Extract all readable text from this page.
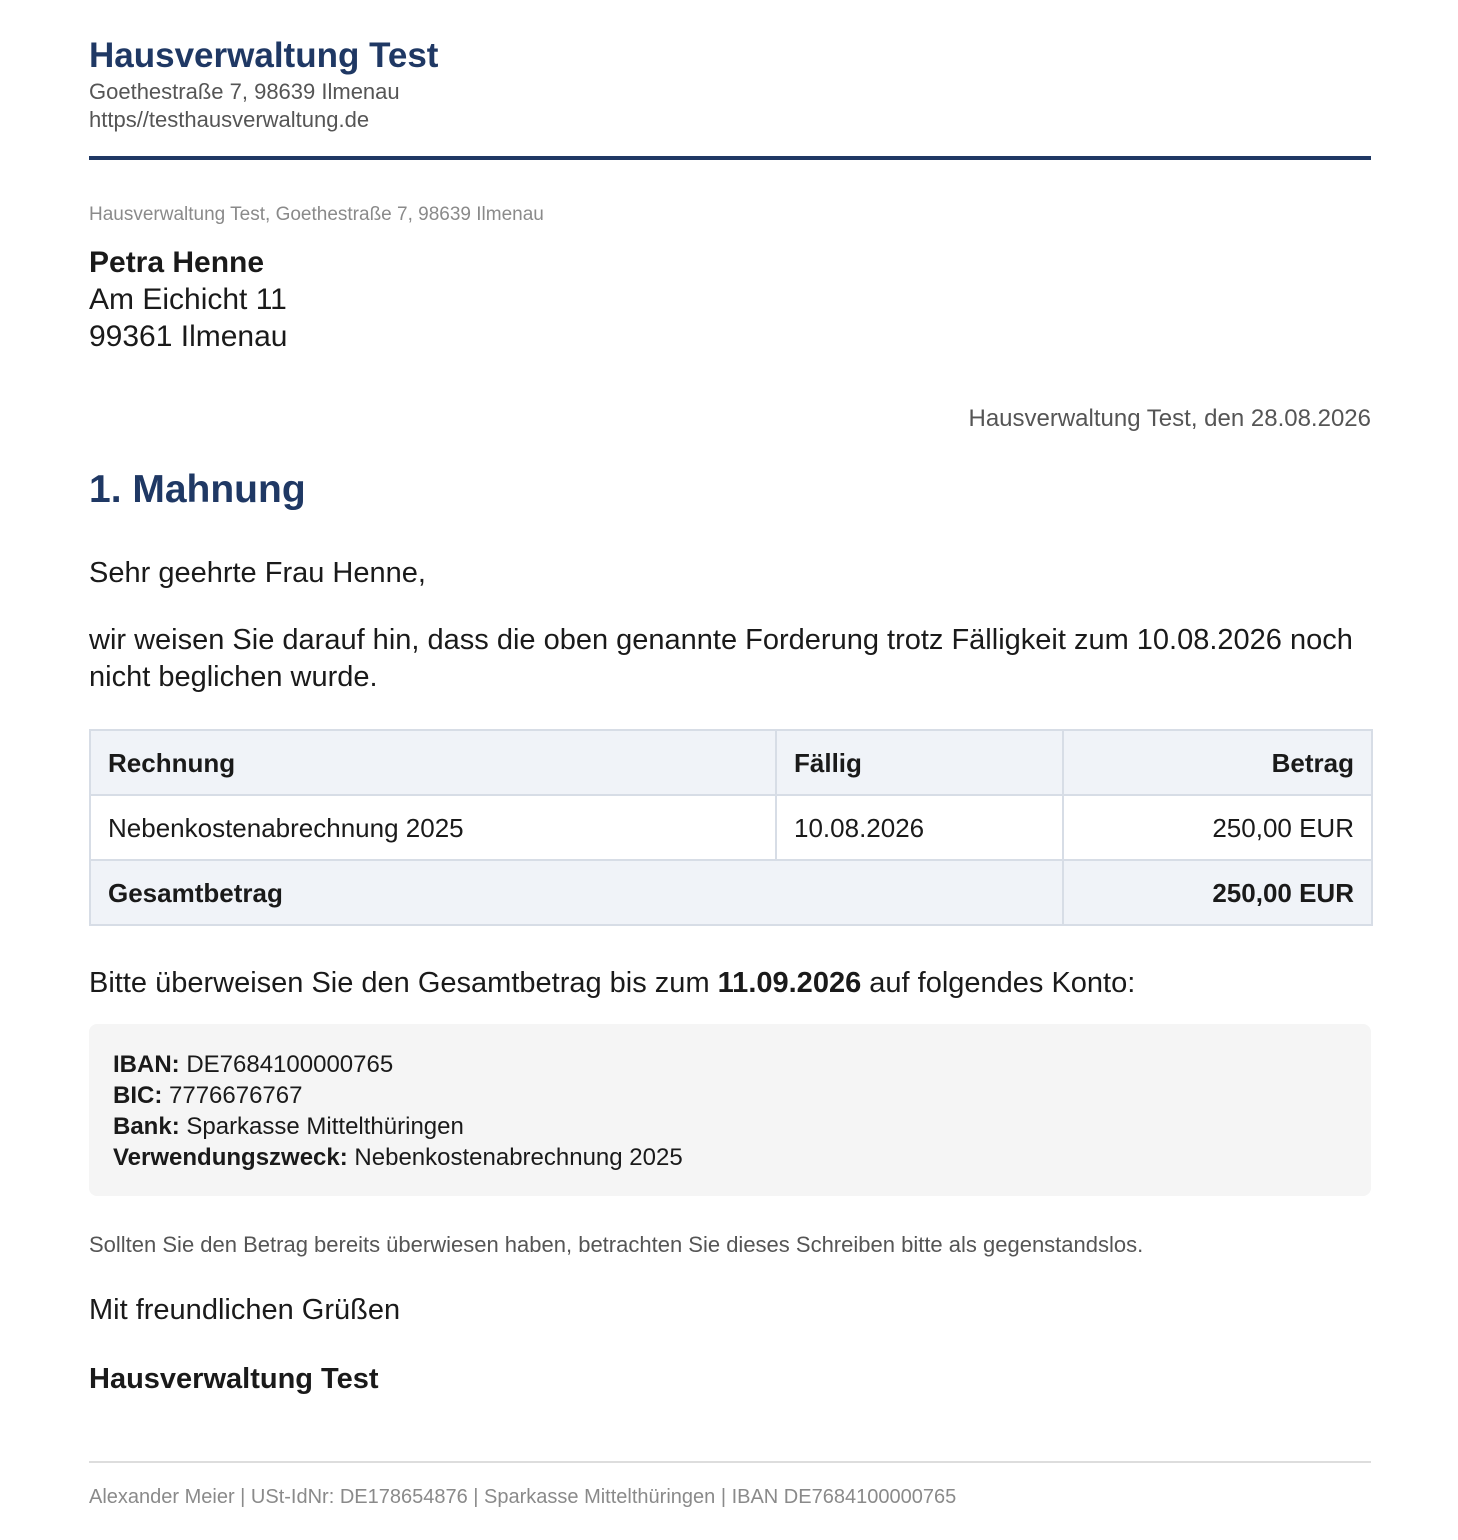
Hausverwaltung Test
Goethestraße 7, 98639 Ilmenau
https//testhausverwaltung.de
Hausverwaltung Test, Goethestraße 7, 98639 Ilmenau
Petra Henne
Am Eichicht 11
99361 Ilmenau
Hausverwaltung Test, den 28.08.2026
1. Mahnung
Sehr geehrte Frau Henne,
wir weisen Sie darauf hin, dass die oben genannte Forderung trotz Fälligkeit zum 10.08.2026 noch nicht beglichen wurde.
Rechnung	Fällig	Betrag
Nebenkostenabrechnung 2025	10.08.2026	250,00 EUR
Gesamtbetrag		250,00 EUR
Bitte überweisen Sie den Gesamtbetrag bis zum 11.09.2026 auf folgendes Konto:
IBAN: DE7684100000765
BIC: 7776676767
Bank: Sparkasse Mittelthüringen
Verwendungszweck: Nebenkostenabrechnung 2025
Sollten Sie den Betrag bereits überwiesen haben, betrachten Sie dieses Schreiben bitte als gegenstandslos.
Mit freundlichen Grüßen
Hausverwaltung Test
Alexander Meier | USt-IdNr: DE178654876 | Sparkasse Mittelthüringen | IBAN DE7684100000765
